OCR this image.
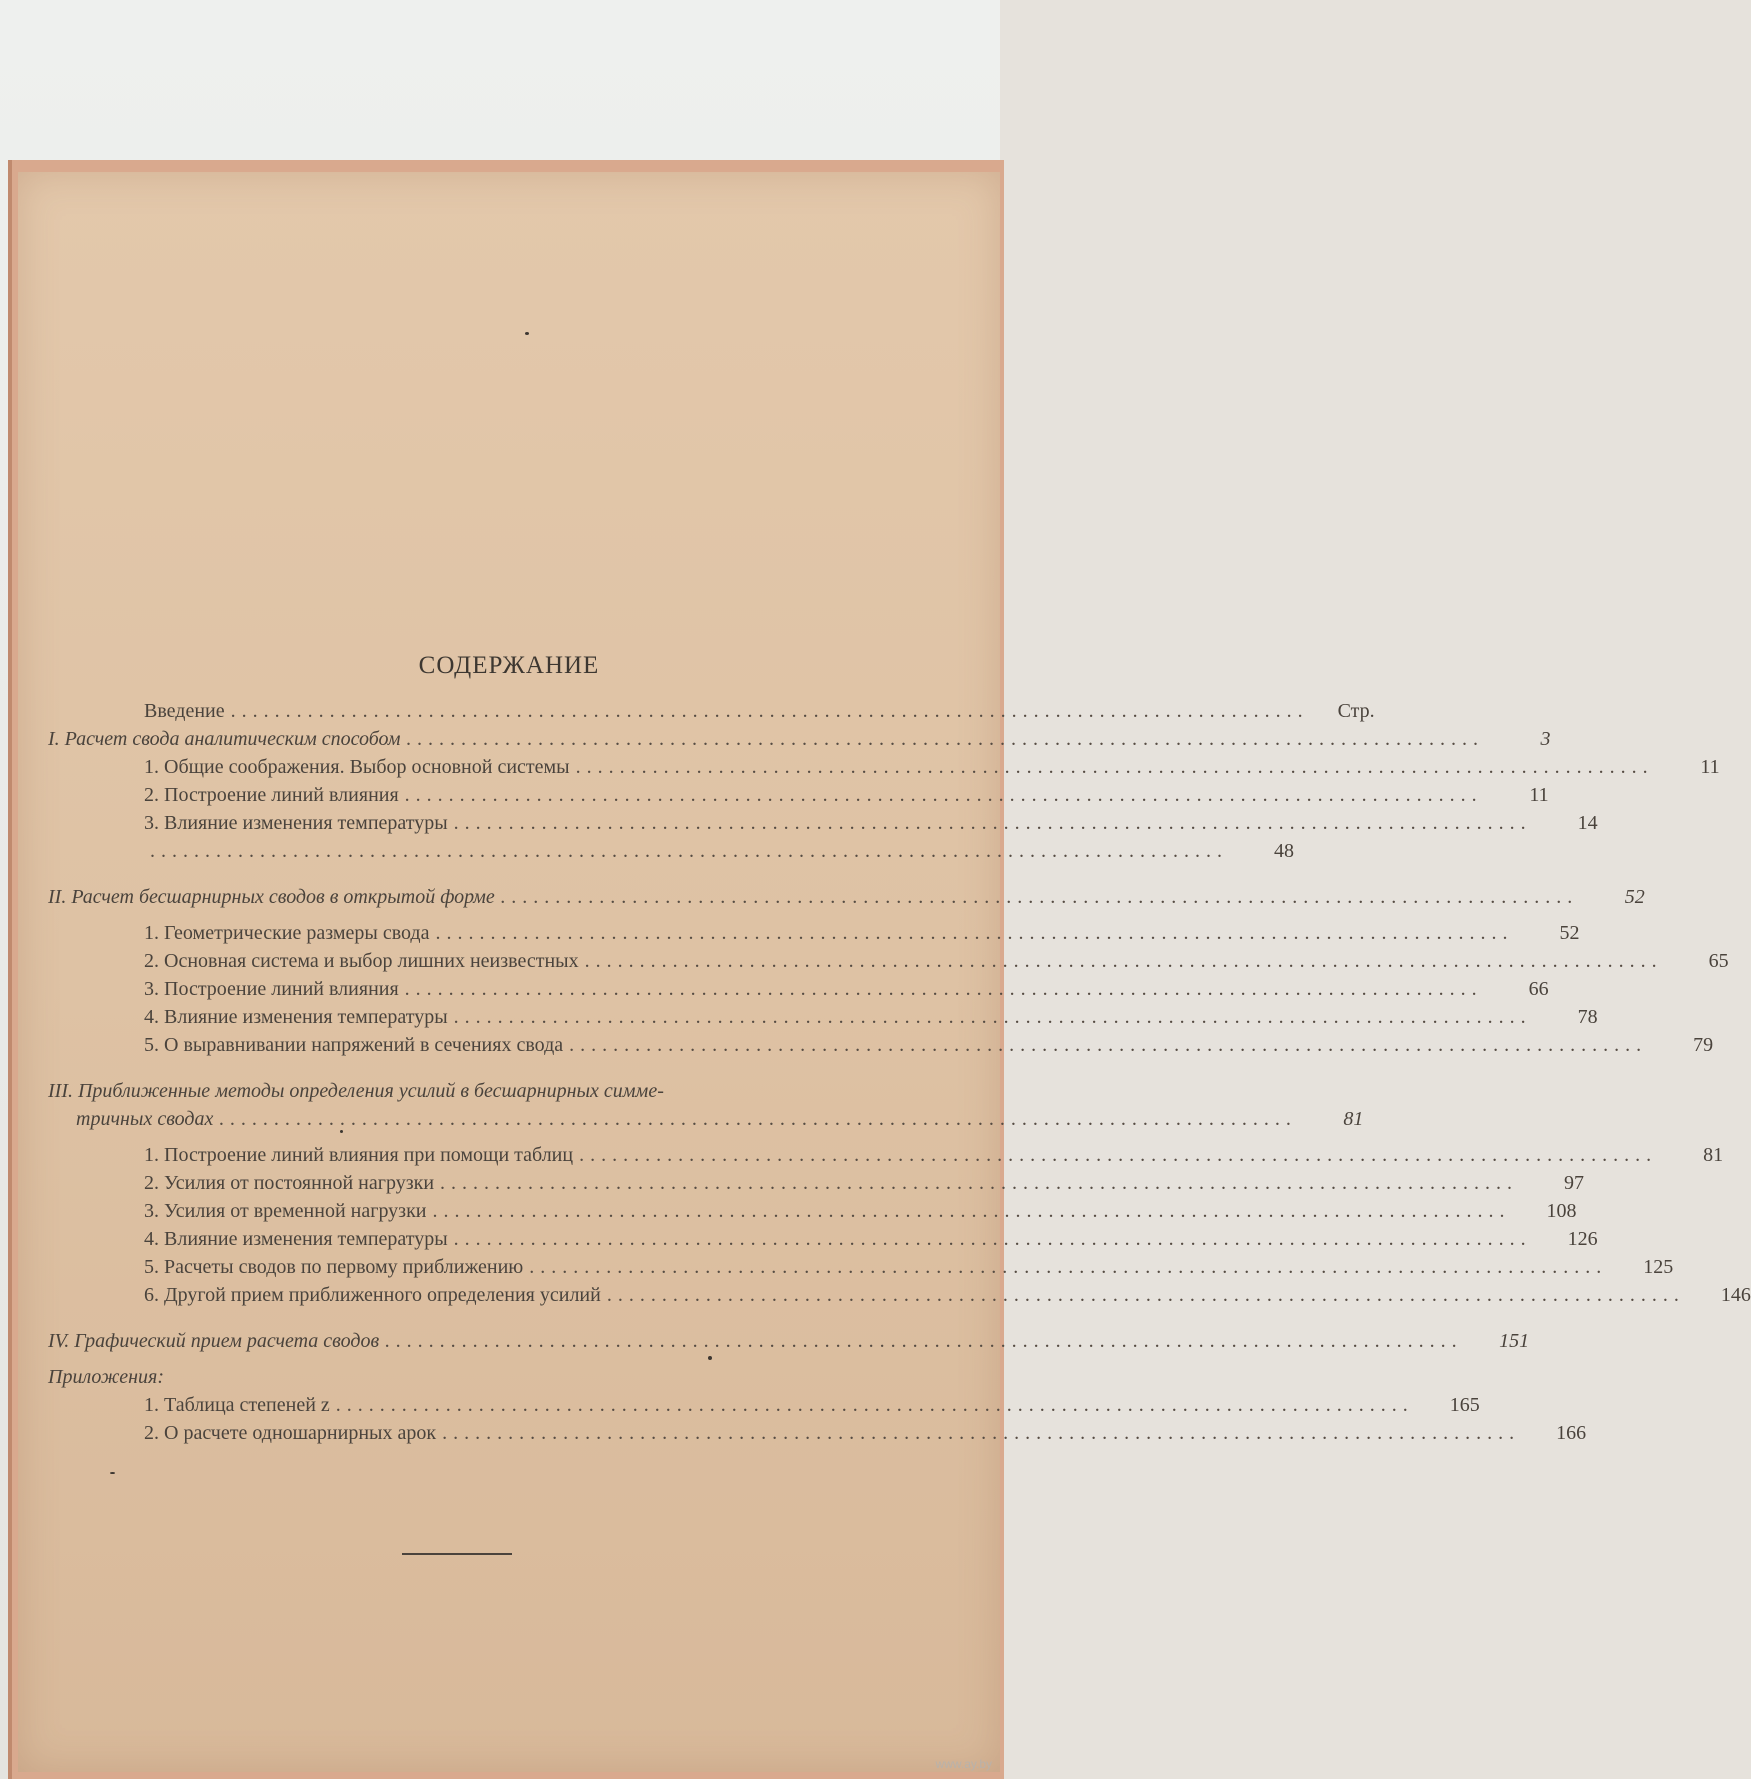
СОДЕРЖАНИЕ
Введение ..................................................................................................	Стр.
I. Расчет свода аналитическим способом ..................................................................................................	3
1. Общие соображения. Выбор основной системы ..................................................................................................	11
2. Построение линий влияния ..................................................................................................	11
3. Влияние изменения температуры ..................................................................................................	14
..................................................................................................	48
II. Расчет бесшарнирных сводов в открытой форме ..................................................................................................	52
1. Геометрические размеры свода ..................................................................................................	52
2. Основная система и выбор лишних неизвестных ..................................................................................................	65
3. Построение линий влияния ..................................................................................................	66
4. Влияние изменения температуры ..................................................................................................	78
5. О выравнивании напряжений в сечениях свода ..................................................................................................	79
III. Приближенные методы определения усилий в бесшарнирных симме-
тричных сводах ..................................................................................................	81
1. Построение линий влияния при помощи таблиц ..................................................................................................	81
2. Усилия от постоянной нагрузки ..................................................................................................	97
3. Усилия от временной нагрузки ..................................................................................................	108
4. Влияние изменения температуры ..................................................................................................	126
5. Расчеты сводов по первому приближению ..................................................................................................	125
6. Другой прием приближенного определения усилий ..................................................................................................	146
IV. Графический прием расчета сводов ..................................................................................................	151
Приложения:
1. Таблица степеней z ..................................................................................................	165
2. О расчете одношарнирных арок ..................................................................................................	166
www.ay.by
